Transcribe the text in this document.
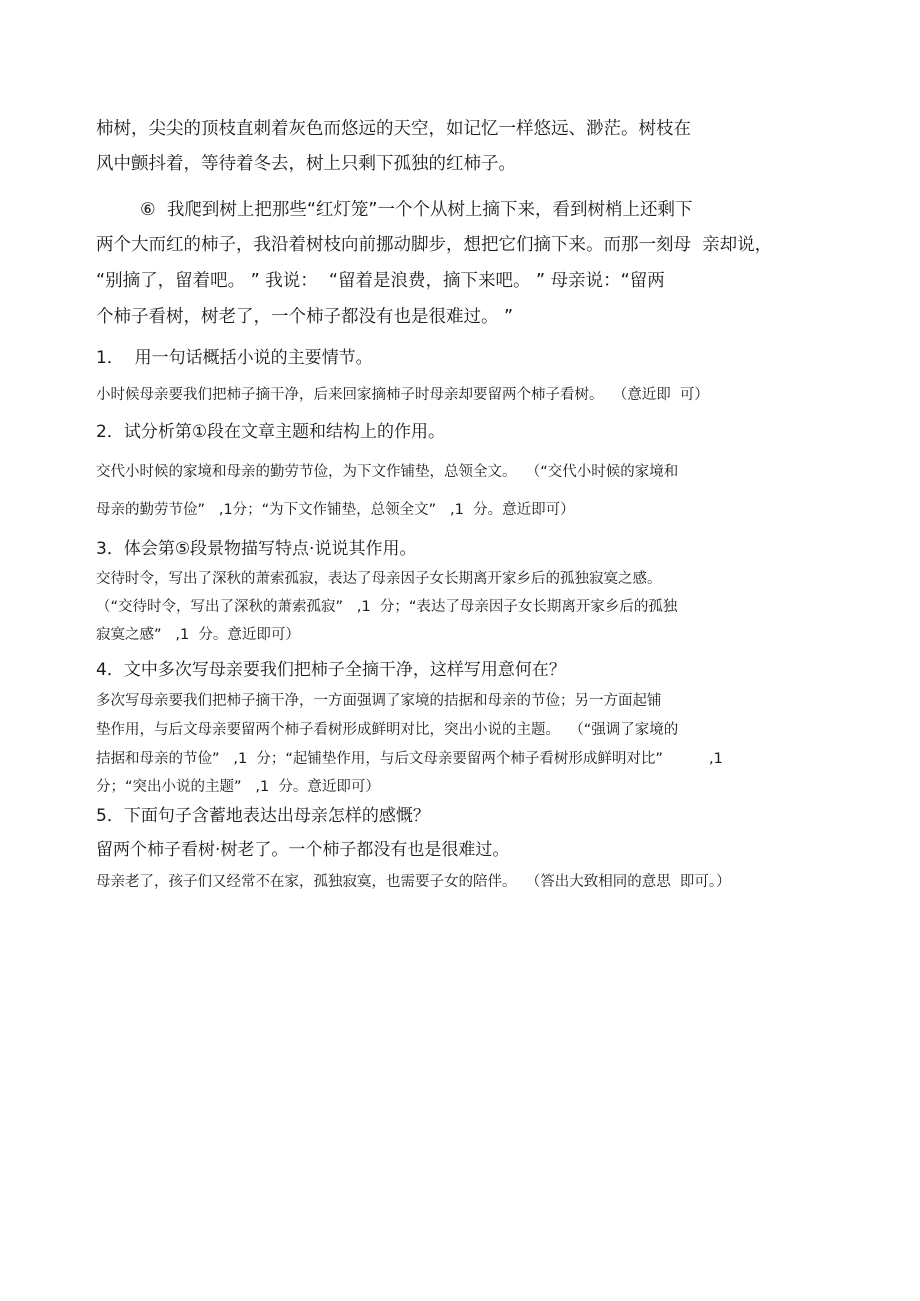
柿树，尖尖的顶枝直刺着灰色而悠远的天空，如记忆一样悠远、渺茫。树枝在
风中颤抖着，等待着冬去，树上只剩下孤独的红柿子。
⑥  我爬到树上把那些“红灯笼”一个个从树上摘下来，看到树梢上还剩下
两个大而红的柿子，我沿着树枝向前挪动脚步，想把它们摘下来。而那一刻母  亲却说，
“别摘了，留着吧。 ” 我说：  “留着是浪费，摘下来吧。 ” 母亲说：“留两
个柿子看树，树老了，一个柿子都没有也是很难过。 ”
1．  用一句话概括小说的主要情节。
小时候母亲要我们把柿子摘干净，后来回家摘柿子时母亲却要留两个柿子看树。  （意近即  可）
2．试分析第①段在文章主题和结构上的作用。
交代小时候的家境和母亲的勤劳节俭，为下文作铺垫，总领全文。  （“交代小时候的家境和
母亲的勤劳节俭”   ,1分；“为下文作铺垫，总领全文”   ,1  分。意近即可）
3．体会第⑤段景物描写特点·说说其作用。
交待时令，写出了深秋的萧索孤寂，表达了母亲因子女长期离开家乡后的孤独寂寞之感。
（“交待时令，写出了深秋的萧索孤寂”   ,1  分；“表达了母亲因子女长期离开家乡后的孤独
寂寞之感”   ,1  分。意近即可）
4．文中多次写母亲要我们把柿子全摘干净，这样写用意何在？
多次写母亲要我们把柿子摘干净，一方面强调了家境的拮据和母亲的节俭；另一方面起铺
垫作用，与后文母亲要留两个柿子看树形成鲜明对比，突出小说的主题。  （“强调了家境的
拮据和母亲的节俭”   ,1  分；“起铺垫作用，与后文母亲要留两个柿子看树形成鲜明对比”          ,1
分；“突出小说的主题”   ,1  分。意近即可）
5．下面句子含蓄地表达出母亲怎样的感慨？
留两个柿子看树·树老了。一个柿子都没有也是很难过。
母亲老了，孩子们又经常不在家，孤独寂寞，也需要子女的陪伴。  （答出大致相同的意思  即可。）
